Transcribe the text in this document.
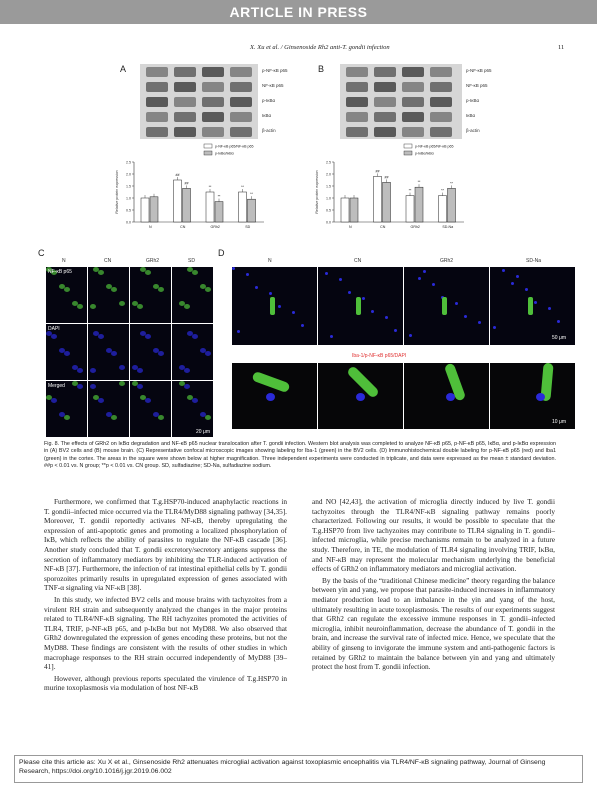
ARTICLE IN PRESS
X. Xu et al. / Ginsenoside Rh2 anti-T. gondii infection	11
A	p-NF-κB p65
NF-κB p65
p-IκBα
IκBα
β-actin
B	p-NF-κB p65
NF-κB p65
p-IκBα
IκBα
β-actin
0.0
0.5
1.0
1.5
2.0
2.5
Relative protein expression
N
##
##
CN
**
**
GRh2
**
**
SD
p-NF-κB p65/NF-κB p65
p-IκBα/IκBα
0.0
0.5
1.0
1.5
2.0
2.5
Relative protein expression
N
##
##
CN
**
**
GRh2
**
**
SD-Na
p-NF-κB p65/NF-κB p65
p-IκBα/IκBα
C
N	CN	GRh2	SD
NF-κB p65
DAPI
Merged
20 μm
D
N	CN	GRh2	SD-Na
Iba-1/p-NF-κB p65/DAPI
50 μm
10 μm
Fig. 8. The effects of GRh2 on IκBα degradation and NF-κB p65 nuclear translocation after T. gondii infection. Western blot analysis was completed to analyze NF-κB p65, p-NF-κB p65, IκBα, and p-IκBα expression in (A) BV2 cells and (B) mouse brain. (C) Representative confocal microscopic images showing labeling for Iba-1 (green) in the BV2 cells. (D) Immunohistochemical double labeling for p-NF-κB p65 (red) and Iba1 (green) in the cortex. The areas in the square were shown below at higher magnification. Three independent experiments were conducted in triplicate, and data were expressed as the mean ± standard deviation. ##p < 0.01 vs. N group; **p < 0.01 vs. CN group. SD, sulfadiazine; SD-Na, sulfadiazine sodium.

Furthermore, we confirmed that T.g.HSP70-induced anaphylactic reactions in T. gondii–infected mice occurred via the TLR4/MyD88 signaling pathway [34,35]. Moreover, T. gondii reportedly activates NF-κB, thereby upregulating the expression of anti-apoptotic genes and promoting a localized phosphorylation of IκB, which reflects the ability of parasites to regulate the NF-κB cascade [36]. Another study concluded that T. gondii excretory/secretory antigens suppress the secretion of inflammatory mediators by inhibiting the TLR-induced activation of NF-κB [37]. Furthermore, the infection of rat intestinal epithelial cells by T. gondii sporozoites primarily results in upregulated expression of genes associated with TNF-α signaling via NF-κB [38].

In this study, we infected BV2 cells and mouse brains with tachyzoites from a virulent RH strain and subsequently analyzed the changes in the major proteins related to TLR4/NF-κB signaling. The RH tachyzoites promoted the activities of TLR4, TRIF, p-NF-κB p65, and p-IκBα but not MyD88. We also observed that GRh2 downregulated the expression of genes encoding these proteins, but not the MyD88. These findings are consistent with the results of other studies in which macrophage responses to the RH strain occurred independently of MyD88 [39–41].

However, although previous reports speculated the virulence of T.g.HSP70 in murine toxoplasmosis via modulation of host NF-κB

and NO [42,43], the activation of microglia directly induced by live T. gondii tachyzoites through the TLR4/NF-κB signaling pathway remains poorly characterized. Following our results, it would be possible to speculate that the T.g.HSP70 from live tachyzoites may contribute to TLR4 signaling in T. gondii–infected microglia, while precise mechanisms remain to be analyzed in a future study. Therefore, in TE, the modulation of TLR4 signaling involving TRIF, IκBα, and NF-κB may represent the molecular mechanism underlying the beneficial effects of GRh2 on inflammatory mediators and microglial activation.

By the basis of the “traditional Chinese medicine” theory regarding the balance between yin and yang, we propose that parasite-induced increases in inflammatory mediator production lead to an imbalance in the yin and yang of the host, ultimately resulting in acute toxoplasmosis. The results of our experiments suggest that GRh2 can regulate the excessive immune responses in T. gondii–infected microglia, inhibit neuroinflammation, decrease the abundance of T. gondii in the brain, and increase the survival rate of infected mice. Hence, we speculate that the ability of ginseng to invigorate the immune system and anti-pathogenic factors is retained by GRh2 to maintain the balance between yin and yang and ultimately protect the host from T. gondii infection.

Please cite this article as: Xu X et al., Ginsenoside Rh2 attenuates microglial activation against toxoplasmic encephalitis via TLR4/NF-κB signaling pathway, Journal of Ginseng Research, https://doi.org/10.1016/j.jgr.2019.06.002
